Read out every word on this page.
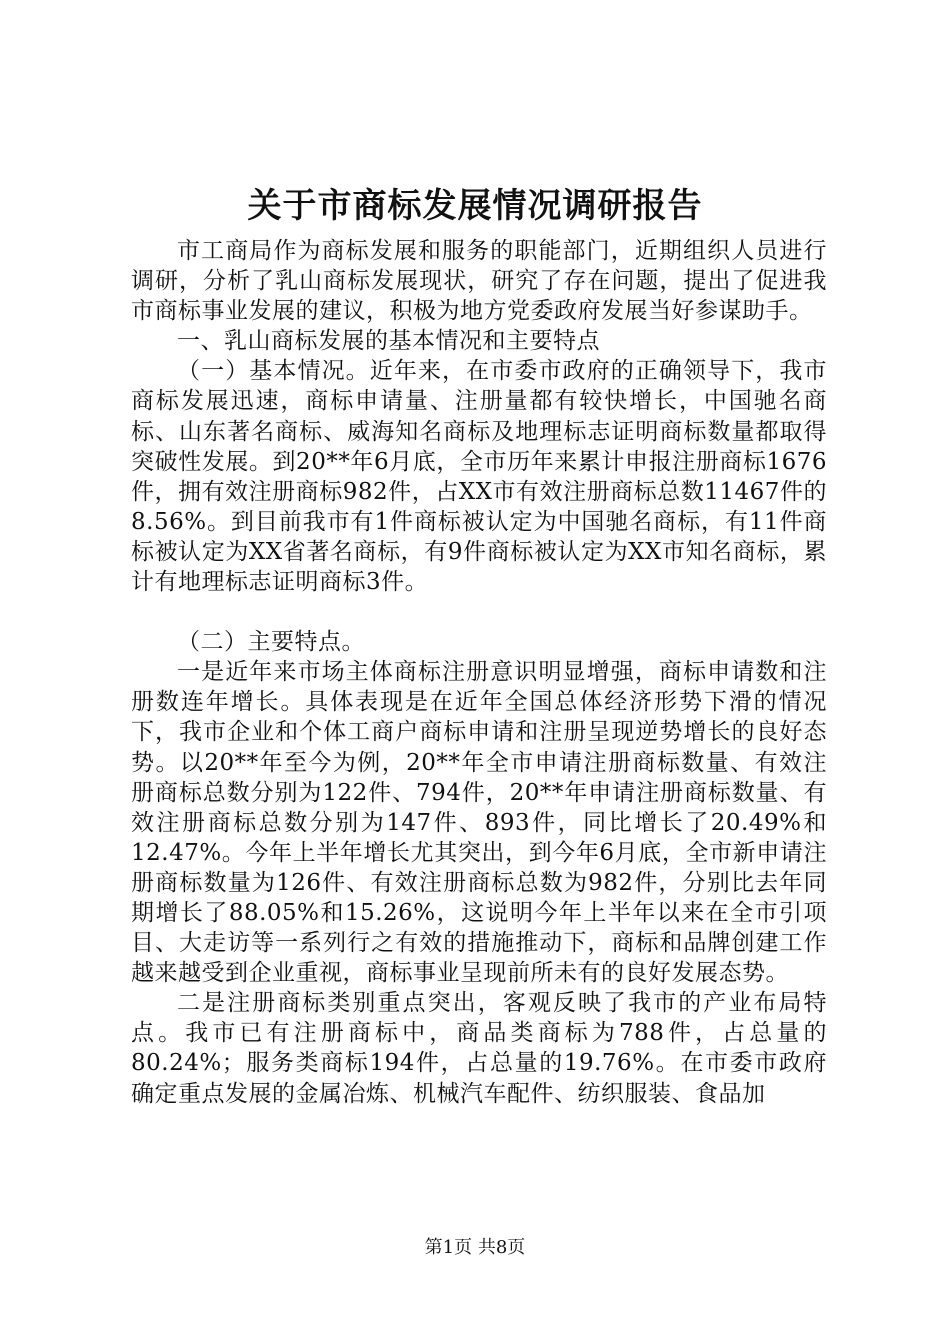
关于市商标发展情况调研报告

市工商局作为商标发展和服务的职能部门，近期组织人员进行调研，分析了乳山商标发展现状，研究了存在问题，提出了促进我市商标事业发展的建议，积极为地方党委政府发展当好参谋助手。

一、乳山商标发展的基本情况和主要特点

（一）基本情况。近年来，在市委市政府的正确领导下，我市商标发展迅速，商标申请量、注册量都有较快增长，中国驰名商标、山东著名商标、威海知名商标及地理标志证明商标数量都取得突破性发展。到20**年6月底，全市历年来累计申报注册商标1676件，拥有效注册商标982件，占XX市有效注册商标总数11467件的8.56%。到目前我市有1件商标被认定为中国驰名商标，有11件商标被认定为XX省著名商标，有9件商标被认定为XX市知名商标，累计有地理标志证明商标3件。

（二）主要特点。

一是近年来市场主体商标注册意识明显增强，商标申请数和注册数连年增长。具体表现是在近年全国总体经济形势下滑的情况下，我市企业和个体工商户商标申请和注册呈现逆势增长的良好态势。以20**年至今为例，20**年全市申请注册商标数量、有效注册商标总数分别为122件、794件，20**年申请注册商标数量、有效注册商标总数分别为147件、893件，同比增长了20.49%和12.47%。今年上半年增长尤其突出，到今年6月底，全市新申请注册商标数量为126件、有效注册商标总数为982件，分别比去年同期增长了88.05%和15.26%，这说明今年上半年以来在全市引项目、大走访等一系列行之有效的措施推动下，商标和品牌创建工作越来越受到企业重视，商标事业呈现前所未有的良好发展态势。

二是注册商标类别重点突出，客观反映了我市的产业布局特点。我市已有注册商标中，商品类商标为788件，占总量的80.24%；服务类商标194件，占总量的19.76%。在市委市政府确定重点发展的金属冶炼、机械汽车配件、纺织服装、食品加

第1页 共8页
